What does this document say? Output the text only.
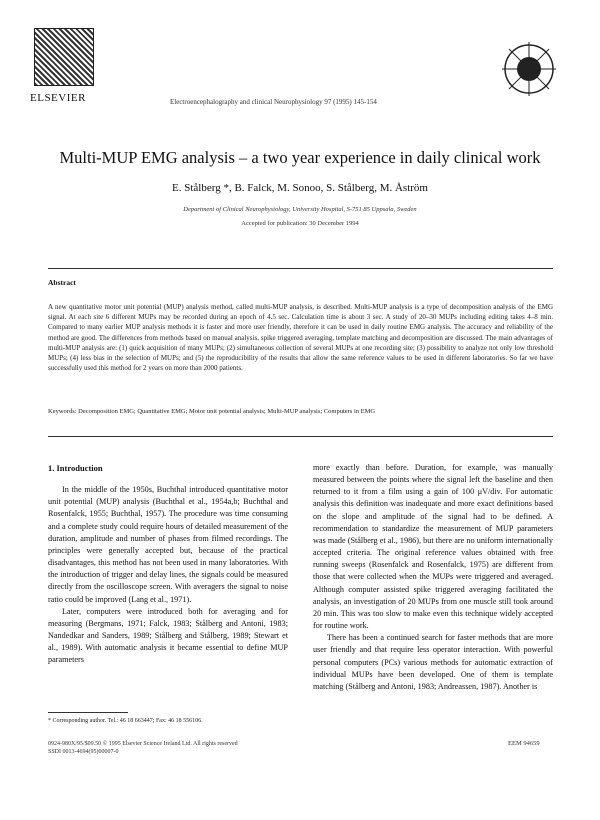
ELSEVIER	Electroencephalography and clinical Neurophysiology 97 (1995) 145-154
Multi-MUP EMG analysis – a two year experience in daily clinical work
E. Stålberg *, B. Falck, M. Sonoo, S. Stålberg, M. Åström
Department of Clinical Neurophysiology, University Hospital, S-751 85 Uppsala, Sweden
Accepted for publication: 30 December 1994
Abstract
A new quantitative motor unit potential (MUP) analysis method, called multi-MUP analysis, is described. Multi-MUP analysis is a type of decomposition analysis of the EMG signal. At each site 6 different MUPs may be recorded during an epoch of 4.5 sec. Calculation time is about 3 sec. A study of 20–30 MUPs including editing takes 4–8 min. Compared to many earlier MUP analysis methods it is faster and more user friendly, therefore it can be used in daily routine EMG analysis. The accuracy and reliability of the method are good. The differences from methods based on manual analysis, spike triggered averaging, template matching and decomposition are discussed. The main advantages of multi-MUP analysis are: (1) quick acquisition of many MUPs; (2) simultaneous collection of several MUPs at one recording site; (3) possibility to analyze not only low threshold MUPs; (4) less bias in the selection of MUPs; and (5) the reproducibility of the results that allow the same reference values to be used in different laboratories. So far we have successfully used this method for 2 years on more than 2000 patients.
Keywords: Decomposition EMG; Quantitative EMG; Motor unit potential analysis; Multi-MUP analysis; Computers in EMG
1. Introduction

In the middle of the 1950s, Buchthal introduced quantitative motor unit potential (MUP) analysis (Buchthal et al., 1954a,b; Buchthal and Rosenfalck, 1955; Buchthal, 1957). The procedure was time consuming and a complete study could require hours of detailed measurement of the duration, amplitude and number of phases from filmed recordings. The principles were generally accepted but, because of the practical disadvantages, this method has not been used in many laboratories. With the introduction of trigger and delay lines, the signals could be measured directly from the oscilloscope screen. With averagers the signal to noise ratio could be improved (Lang et al., 1971).

Later, computers were introduced both for averaging and for measuring (Bergmans, 1971; Falck, 1983; Stålberg and Antoni, 1983; Nandedkar and Sanders, 1989; Stålberg and Stålberg, 1989; Stewart et al., 1989). With automatic analysis it became essential to define MUP parameters

more exactly than before. Duration, for example, was manually measured between the points where the signal left the baseline and then returned to it from a film using a gain of 100 μV/div. For automatic analysis this definition was inadequate and more exact definitions based on the slope and amplitude of the signal had to be defined. A recommendation to standardize the measurement of MUP parameters was made (Stålberg et al., 1986), but there are no uniform internationally accepted criteria. The original reference values obtained with free running sweeps (Rosenfalck and Rosenfalck, 1975) are different from those that were collected when the MUPs were triggered and averaged. Although computer assisted spike triggered averaging facilitated the analysis, an investigation of 20 MUPs from one muscle still took around 20 min. This was too slow to make even this technique widely accepted for routine work.

There has been a continued search for faster methods that are more user friendly and that require less operator interaction. With powerful personal computers (PCs) various methods for automatic extraction of individual MUPs have been developed. One of them is template matching (Stålberg and Antoni, 1983; Andreassen, 1987). Another is

* Corresponding author. Tel.: 46 18 663447; Fax: 46 18 556106.
0924-980X/95/$09.50 © 1995 Elsevier Science Ireland Ltd. All rights reserved
SSDI 0013-4694(95)00007-0
EEM 94659
